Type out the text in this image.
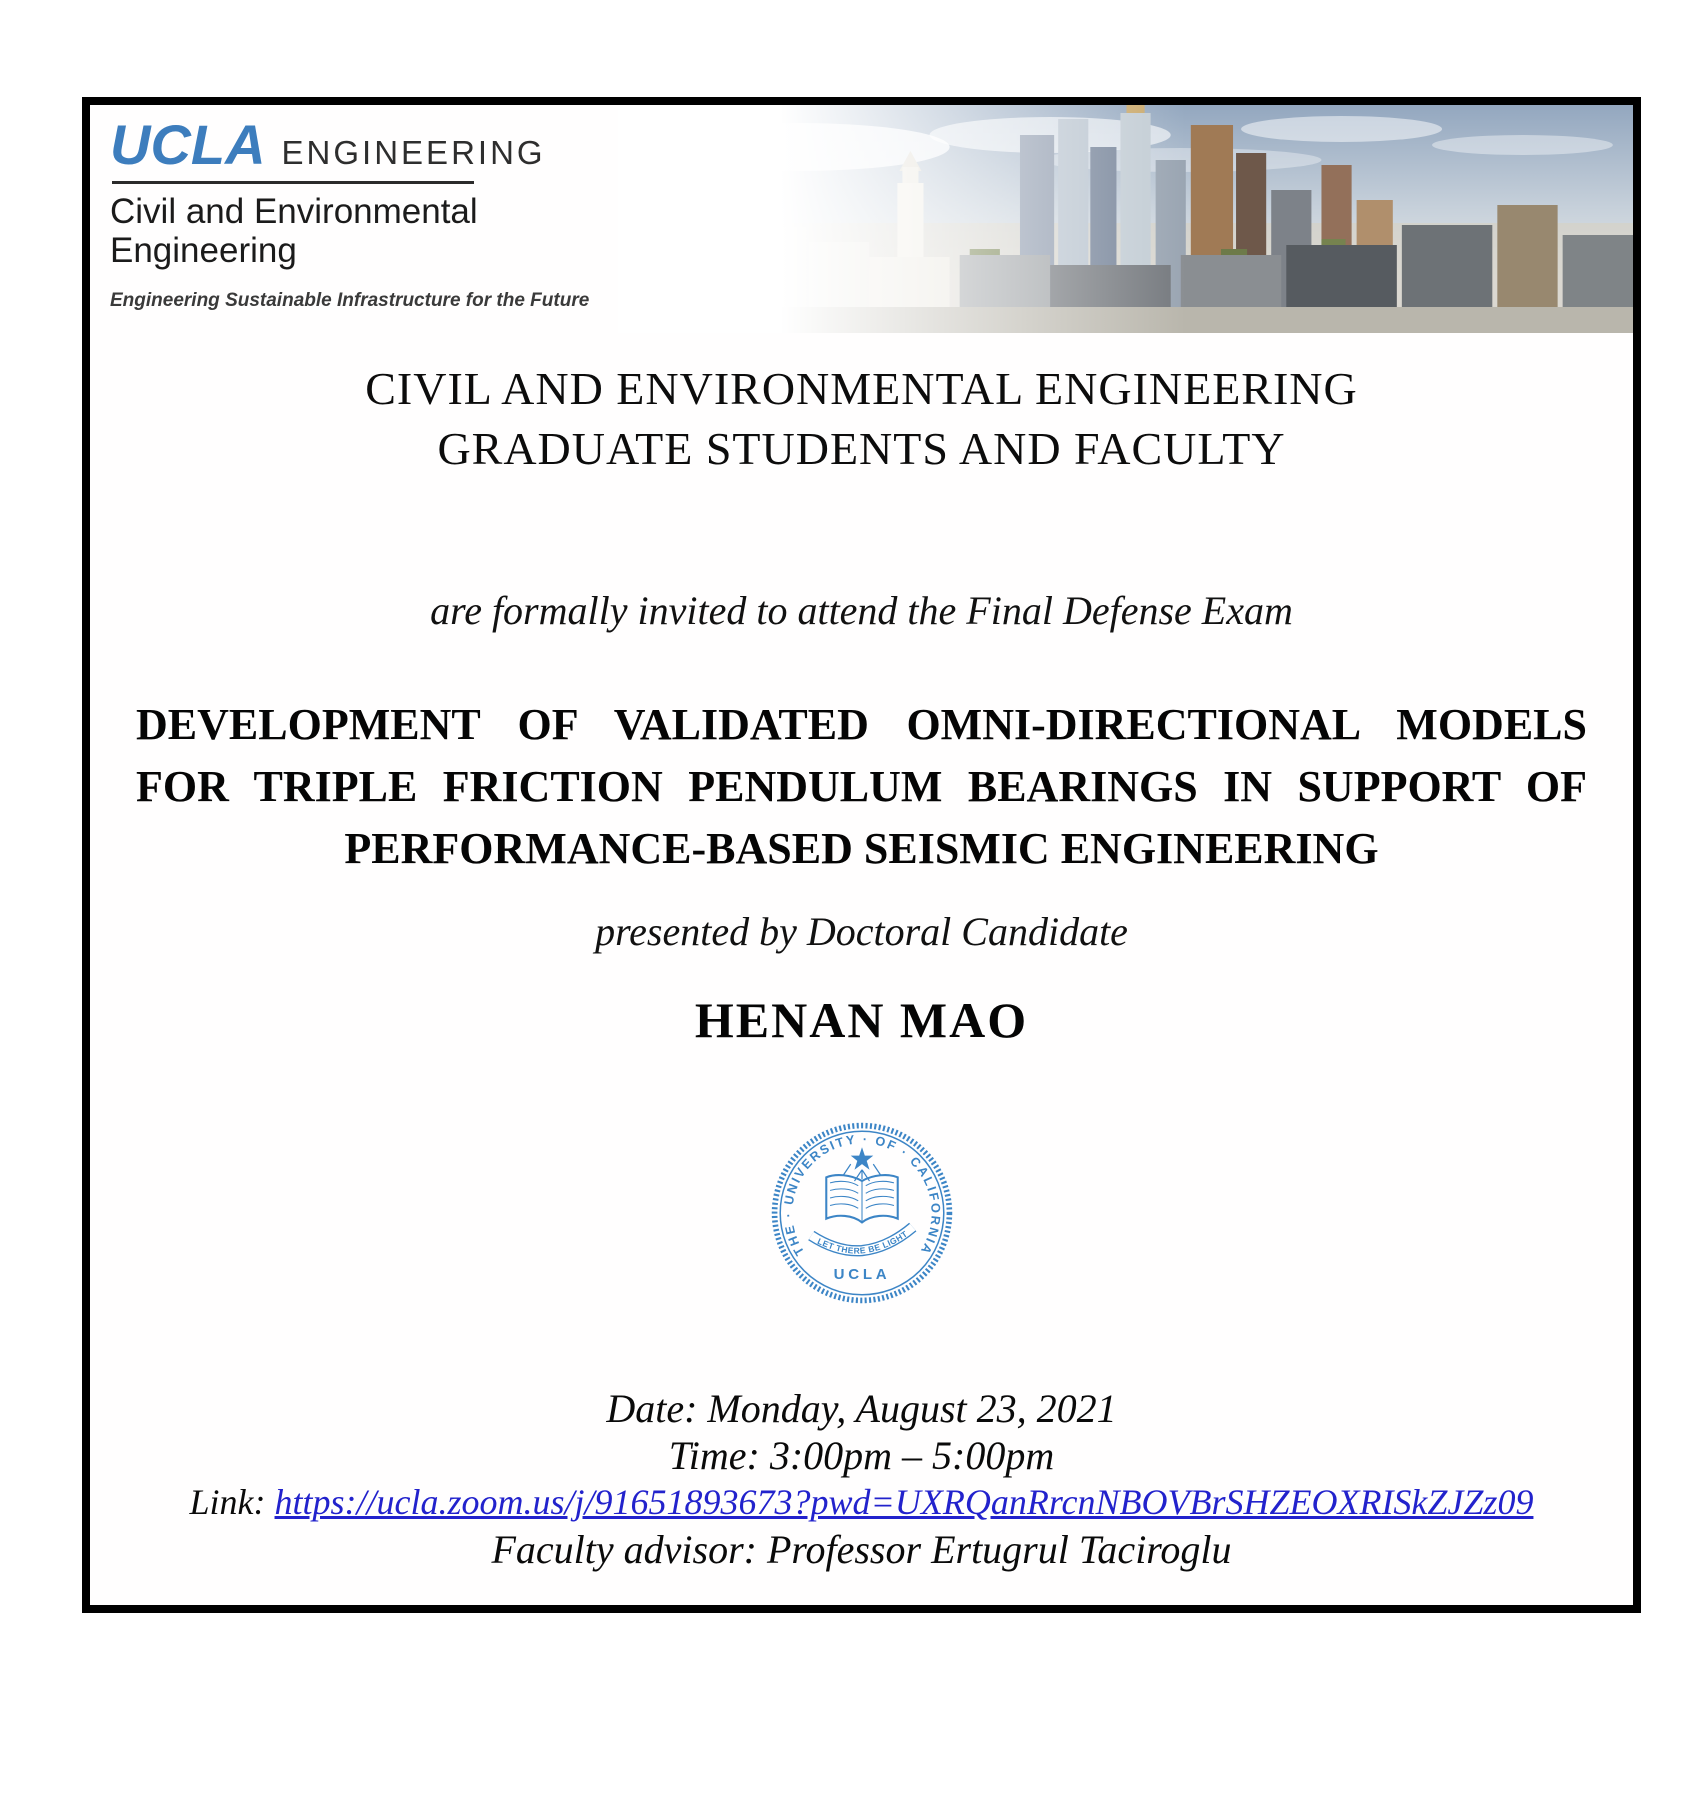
UCLA ENGINEERING
Civil and Environmental Engineering
Engineering Sustainable Infrastructure for the Future
CIVIL AND ENVIRONMENTAL ENGINEERING
GRADUATE STUDENTS AND FACULTY
are formally invited to attend the Final Defense Exam
DEVELOPMENT OF VALIDATED OMNI-DIRECTIONAL MODELS
FOR TRIPLE FRICTION PENDULUM BEARINGS IN SUPPORT OF
PERFORMANCE-BASED SEISMIC ENGINEERING
presented by Doctoral Candidate
HENAN MAO
THE · UNIVERSITY · OF · CALIFORNIA
LET THERE BE LIGHT
UCLA
Date: Monday, August 23, 2021
Time: 3:00pm – 5:00pm
Link: https://ucla.zoom.us/j/91651893673?pwd=UXRQanRrcnNBOVBrSHZEOXRISkZJZz09
Faculty advisor: Professor Ertugrul Taciroglu
